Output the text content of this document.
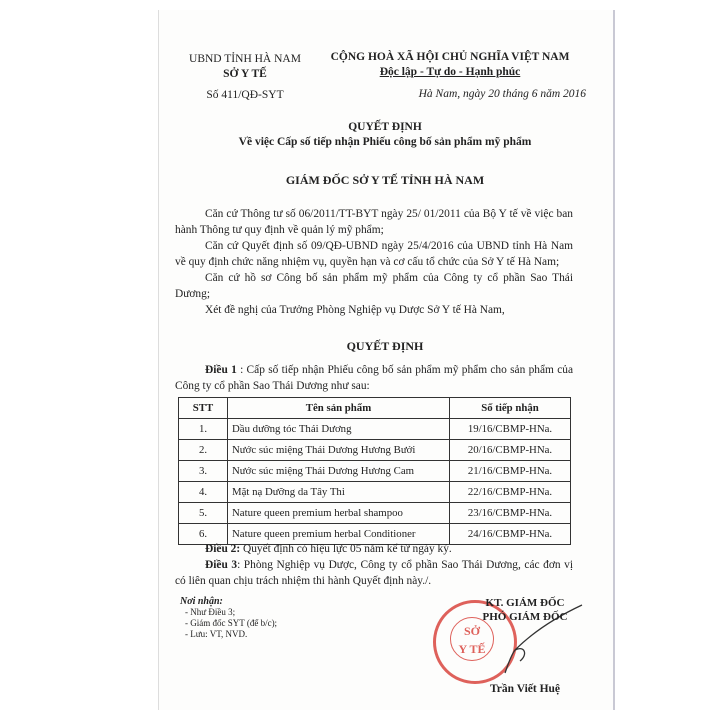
UBND TỈNH HÀ NAM
SỞ Y TẾ
Số 411/QĐ-SYT
CỘNG HOÀ XÃ HỘI CHỦ NGHĨA VIỆT NAM
Độc lập - Tự do - Hạnh phúc
Hà Nam, ngày 20 tháng 6 năm 2016
QUYẾT ĐỊNH
Về việc Cấp số tiếp nhận Phiếu công bố sản phẩm mỹ phẩm
GIÁM ĐỐC SỞ Y TẾ TỈNH HÀ NAM

Căn cứ Thông tư số 06/2011/TT-BYT ngày 25/ 01/2011 của Bộ Y tế về việc ban hành Thông tư quy định về quản lý mỹ phẩm;

Căn cứ Quyết định số 09/QĐ-UBND ngày 25/4/2016 của UBND tỉnh Hà Nam về quy định chức năng nhiệm vụ, quyền hạn và cơ cấu tổ chức của Sở Y tế Hà Nam;

Căn cứ hồ sơ Công bố sản phẩm mỹ phẩm của Công ty cổ phần Sao Thái Dương;

Xét đề nghị của Trưởng Phòng Nghiệp vụ Dược Sở Y tế Hà Nam,

QUYẾT ĐỊNH

Điều 1 : Cấp số tiếp nhận Phiếu công bố sản phẩm mỹ phẩm cho sản phẩm của Công ty cổ phần Sao Thái Dương như sau:

STT	Tên sản phẩm	Số tiếp nhận
1.	Dầu dưỡng tóc Thái Dương	19/16/CBMP-HNa.
2.	Nước súc miệng Thái Dương Hương Bưởi	20/16/CBMP-HNa.
3.	Nước súc miệng Thái Dương Hương Cam	21/16/CBMP-HNa.
4.	Mặt nạ Dưỡng da Tây Thi	22/16/CBMP-HNa.
5.	Nature queen premium herbal shampoo	23/16/CBMP-HNa.
6.	Nature queen premium herbal Conditioner	24/16/CBMP-HNa.

Điều 2: Quyết định có hiệu lực 05 năm kể từ ngày ký.

Điều 3: Phòng Nghiệp vụ Dược, Công ty cổ phần Sao Thái Dương, các đơn vị có liên quan chịu trách nhiệm thi hành Quyết định này./.

Nơi nhận:
- Như Điều 3;
- Giám đốc SYT (để b/c);
- Lưu: VT, NVD.	SỞ
Y TẾ
KT. GIÁM ĐỐC
PHÓ GIÁM ĐỐC
Trần Viết Huệ
